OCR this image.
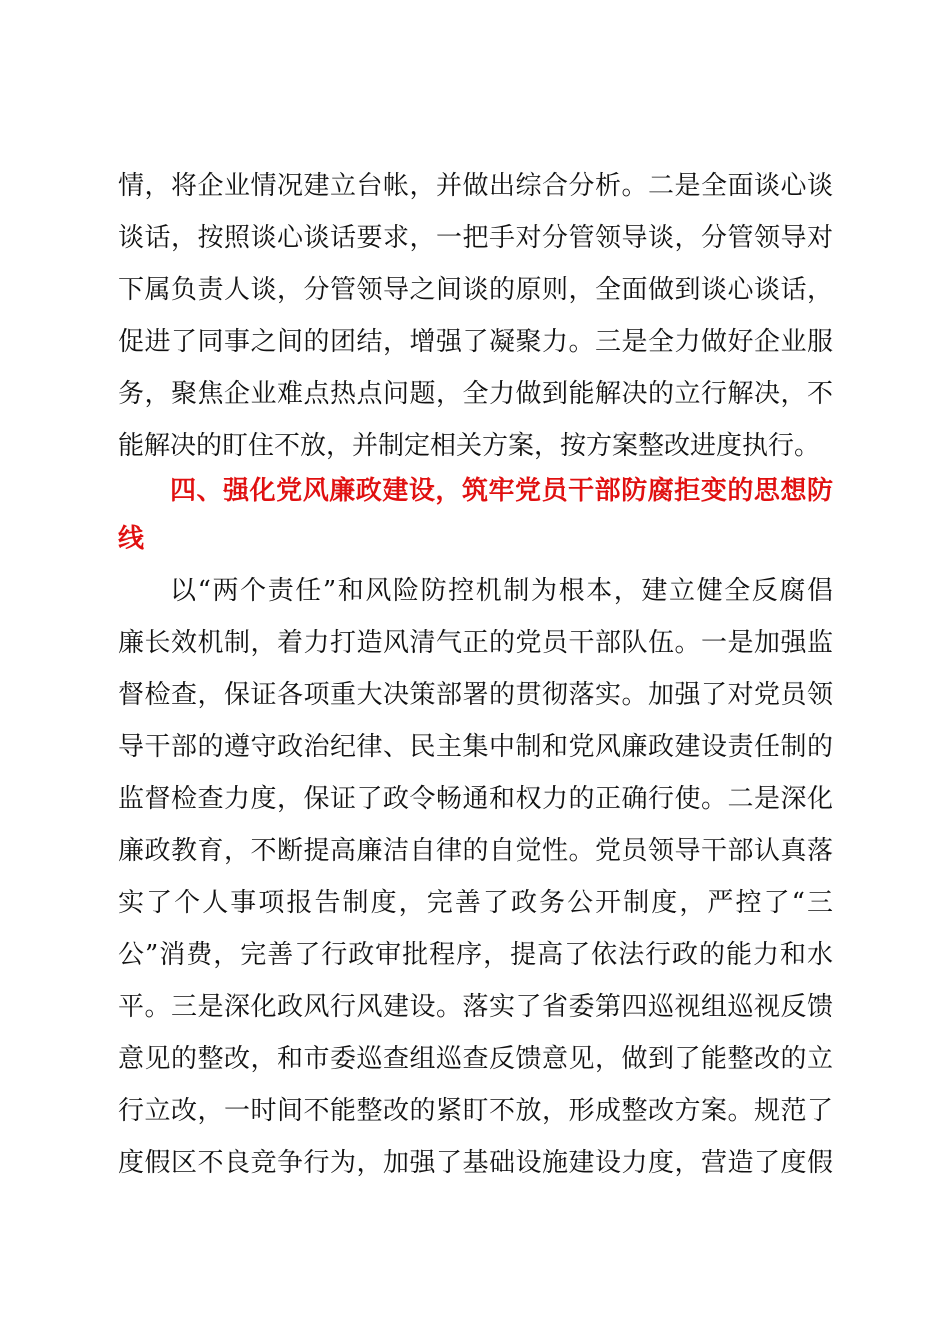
情，将企业情况建立台帐，并做出综合分析。二是全面谈心谈
谈话，按照谈心谈话要求，一把手对分管领导谈，分管领导对
下属负责人谈，分管领导之间谈的原则，全面做到谈心谈话，
促进了同事之间的团结，增强了凝聚力。三是全力做好企业服
务，聚焦企业难点热点问题，全力做到能解决的立行解决，不
能解决的盯住不放，并制定相关方案，按方案整改进度执行。
四、强化党风廉政建设，筑牢党员干部防腐拒变的思想防
线
以“两个责任”和风险防控机制为根本，建立健全反腐倡
廉长效机制，着力打造风清气正的党员干部队伍。一是加强监
督检查，保证各项重大决策部署的贯彻落实。加强了对党员领
导干部的遵守政治纪律、民主集中制和党风廉政建设责任制的
监督检查力度，保证了政令畅通和权力的正确行使。二是深化
廉政教育，不断提高廉洁自律的自觉性。党员领导干部认真落
实了个人事项报告制度，完善了政务公开制度，严控了“三
公”消费，完善了行政审批程序，提高了依法行政的能力和水
平。三是深化政风行风建设。落实了省委第四巡视组巡视反馈
意见的整改，和市委巡查组巡查反馈意见，做到了能整改的立
行立改，一时间不能整改的紧盯不放，形成整改方案。规范了
度假区不良竞争行为，加强了基础设施建设力度，营造了度假
